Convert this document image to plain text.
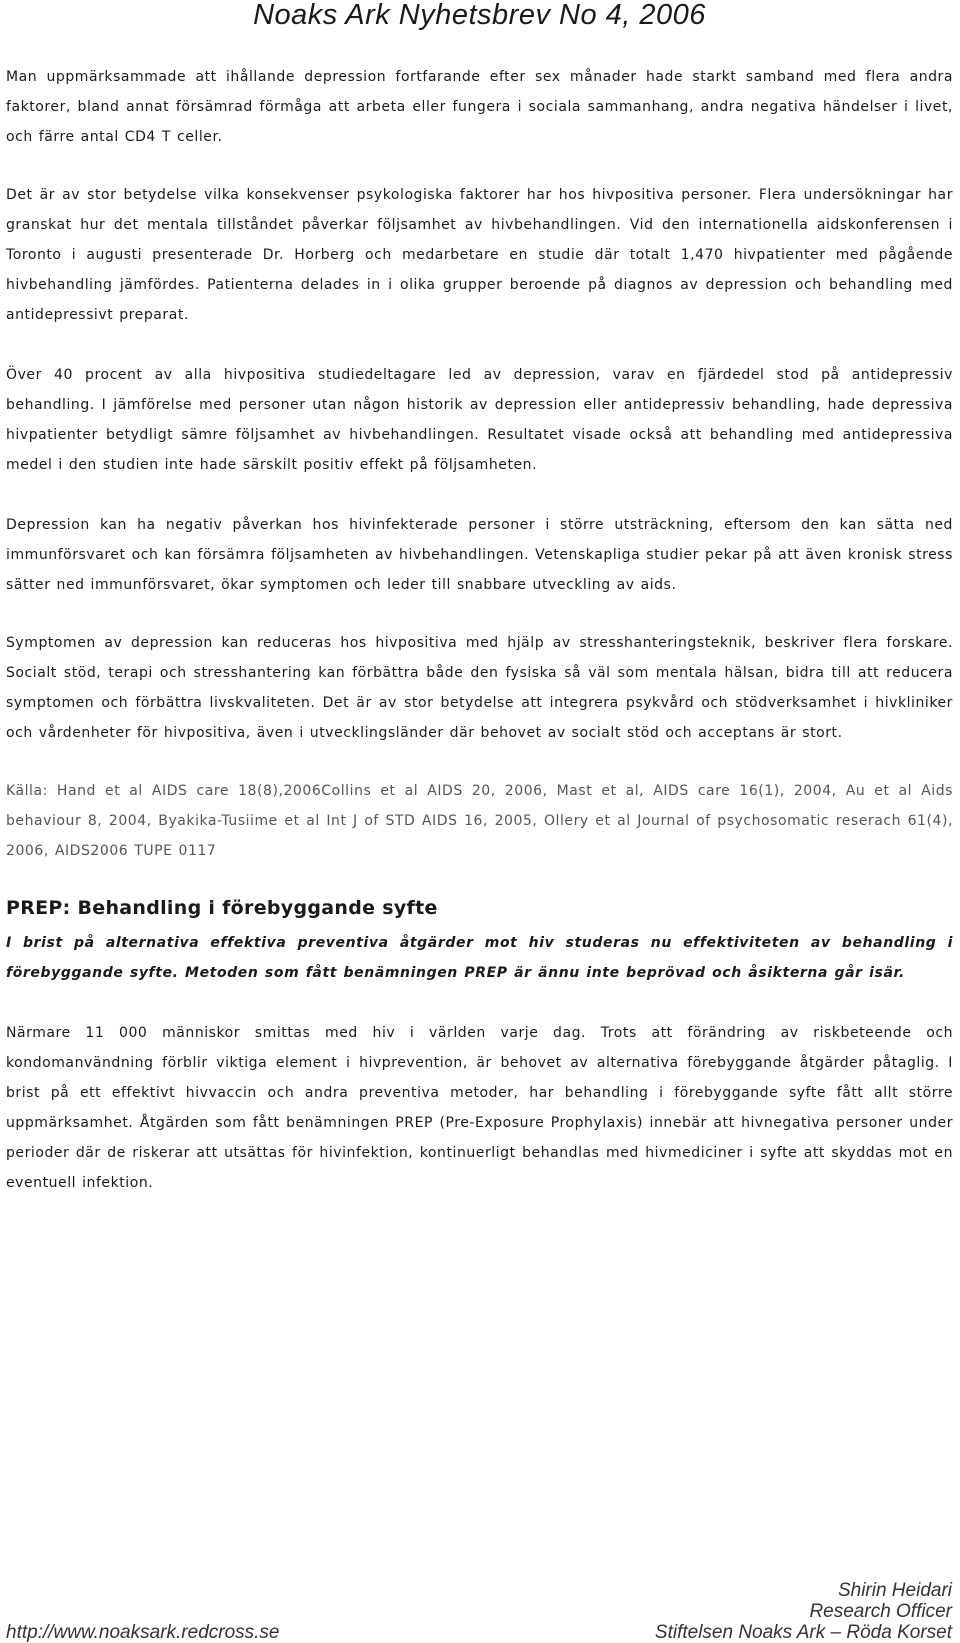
Noaks Ark Nyhetsbrev No 4, 2006

Man uppmärksammade att ihållande depression fortfarande efter sex månader hade starkt samband med flera andra faktorer, bland annat försämrad förmåga att arbeta eller fungera i sociala sammanhang, andra negativa händelser i livet, och färre antal CD4 T celler.

Det är av stor betydelse vilka konsekvenser psykologiska faktorer har hos hivpositiva personer. Flera undersökningar har granskat hur det mentala tillståndet påverkar följsamhet av hivbehandlingen. Vid den internationella aidskonferensen i Toronto i augusti presenterade Dr. Horberg och medarbetare en studie där totalt 1,470 hivpatienter med pågående hivbehandling jämfördes. Patienterna delades in i olika grupper beroende på diagnos av depression och behandling med antidepressivt preparat.

Över 40 procent av alla hivpositiva studiedeltagare led av depression, varav en fjärdedel stod på antidepressiv behandling. I jämförelse med personer utan någon historik av depression eller antidepressiv behandling, hade depressiva hivpatienter betydligt sämre följsamhet av hivbehandlingen. Resultatet visade också att behandling med antidepressiva medel i den studien inte hade särskilt positiv effekt på följsamheten.

Depression kan ha negativ påverkan hos hivinfekterade personer i större utsträckning, eftersom den kan sätta ned immunförsvaret och kan försämra följsamheten av hivbehandlingen. Vetenskapliga studier pekar på att även kronisk stress sätter ned immunförsvaret, ökar symptomen och leder till snabbare utveckling av aids.

Symptomen av depression kan reduceras hos hivpositiva med hjälp av stresshanteringsteknik, beskriver flera forskare. Socialt stöd, terapi och stresshantering kan förbättra både den fysiska så väl som mentala hälsan, bidra till att reducera symptomen och förbättra livskvaliteten. Det är av stor betydelse att integrera psykvård och stödverksamhet i hivkliniker och vårdenheter för hivpositiva, även i utvecklingsländer där behovet av socialt stöd och acceptans är stort.

Källa: Hand et al AIDS care 18(8),2006Collins et al AIDS 20, 2006, Mast et al, AIDS care 16(1), 2004, Au et al Aids behaviour 8, 2004, Byakika-Tusiime et al Int J of STD AIDS 16, 2005, Ollery et al Journal of psychosomatic reserach 61(4), 2006, AIDS2006 TUPE 0117

PREP: Behandling i förebyggande syfte

I brist på alternativa effektiva preventiva åtgärder mot hiv studeras nu effektiviteten av behandling i förebyggande syfte. Metoden som fått benämningen PREP är ännu inte beprövad och åsikterna går isär.

Närmare 11 000 människor smittas med hiv i världen varje dag. Trots att förändring av riskbeteende och kondomanvändning förblir viktiga element i hivprevention, är behovet av alternativa förebyggande åtgärder påtaglig. I brist på ett effektivt hivvaccin och andra preventiva metoder, har behandling i förebyggande syfte fått allt större uppmärksamhet. Åtgärden som fått benämningen PREP (Pre-Exposure Prophylaxis) innebär att hivnegativa personer under perioder där de riskerar att utsättas för hivinfektion, kontinuerligt behandlas med hivmediciner i syfte att skyddas mot en eventuell infektion.

Shirin Heidari
Research Officer
http://www.noaksark.redcross.se	Stiftelsen Noaks Ark – Röda Korset
